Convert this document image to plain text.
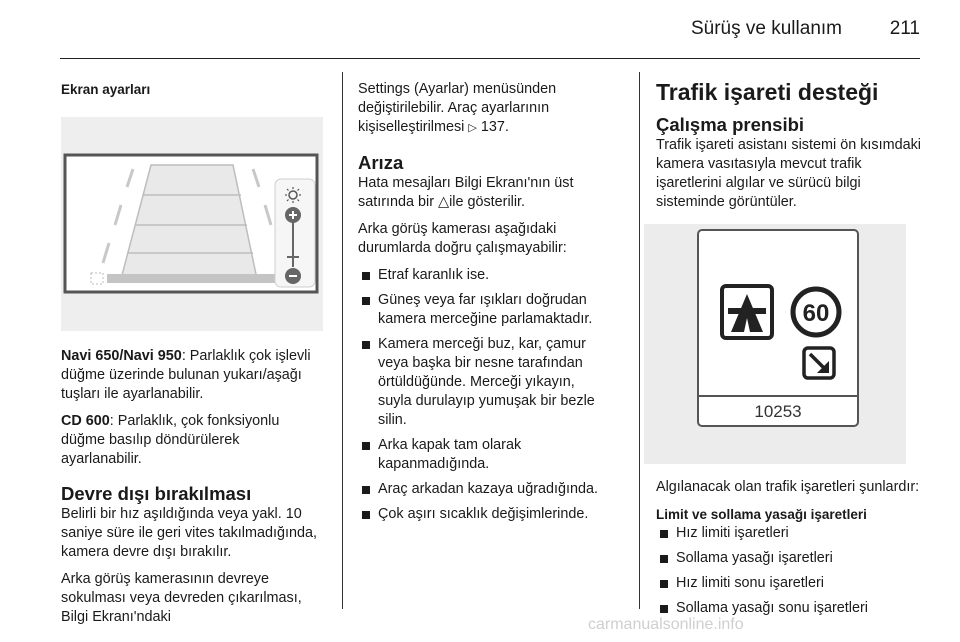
Sürüş ve kullanım	211
Ekran ayarları

Navi 650/Navi 950: Parlaklık çok işlevli düğme üzerinde bulunan yukarı/aşağı tuşları ile ayarlanabilir.

CD 600: Parlaklık, çok fonksiyonlu düğme basılıp döndürülerek ayarlanabilir.

Devre dışı bırakılması

Belirli bir hız aşıldığında veya yakl. 10 saniye süre ile geri vites takılmadığında, kamera devre dışı bırakılır.

Arka görüş kamerasının devreye sokulması veya devreden çıkarılması, Bilgi Ekranı'ndaki

Settings (Ayarlar) menüsünden değiştirilebilir. Araç ayarlarının kişiselleştirilmesi ▷ 137.

Arıza

Hata mesajları Bilgi Ekranı'nın üst satırında bir △ile gösterilir.

Arka görüş kamerası aşağıdaki durumlarda doğru çalışmayabilir:

Etraf karanlık ise.
Güneş veya far ışıkları doğrudan kamera merceğine parlamaktadır.
Kamera merceği buz, kar, çamur veya başka bir nesne tarafından örtüldüğünde. Merceği yıkayın, suyla durulayıp yumuşak bir bezle silin.
Arka kapak tam olarak kapanmadığında.
Araç arkadan kazaya uğradığında.
Çok aşırı sıcaklık değişimlerinde.
Trafik işareti desteği
Çalışma prensibi

Trafik işareti asistanı sistemi ön kısımdaki kamera vasıtasıyla mevcut trafik işaretlerini algılar ve sürücü bilgi sisteminde görüntüler.

60
10253

Algılanacak olan trafik işaretleri şunlardır:

Limit ve sollama yasağı işaretleri

Hız limiti işaretleri
Sollama yasağı işaretleri
Hız limiti sonu işaretleri
Sollama yasağı sonu işaretleri
carmanualsonline.info
